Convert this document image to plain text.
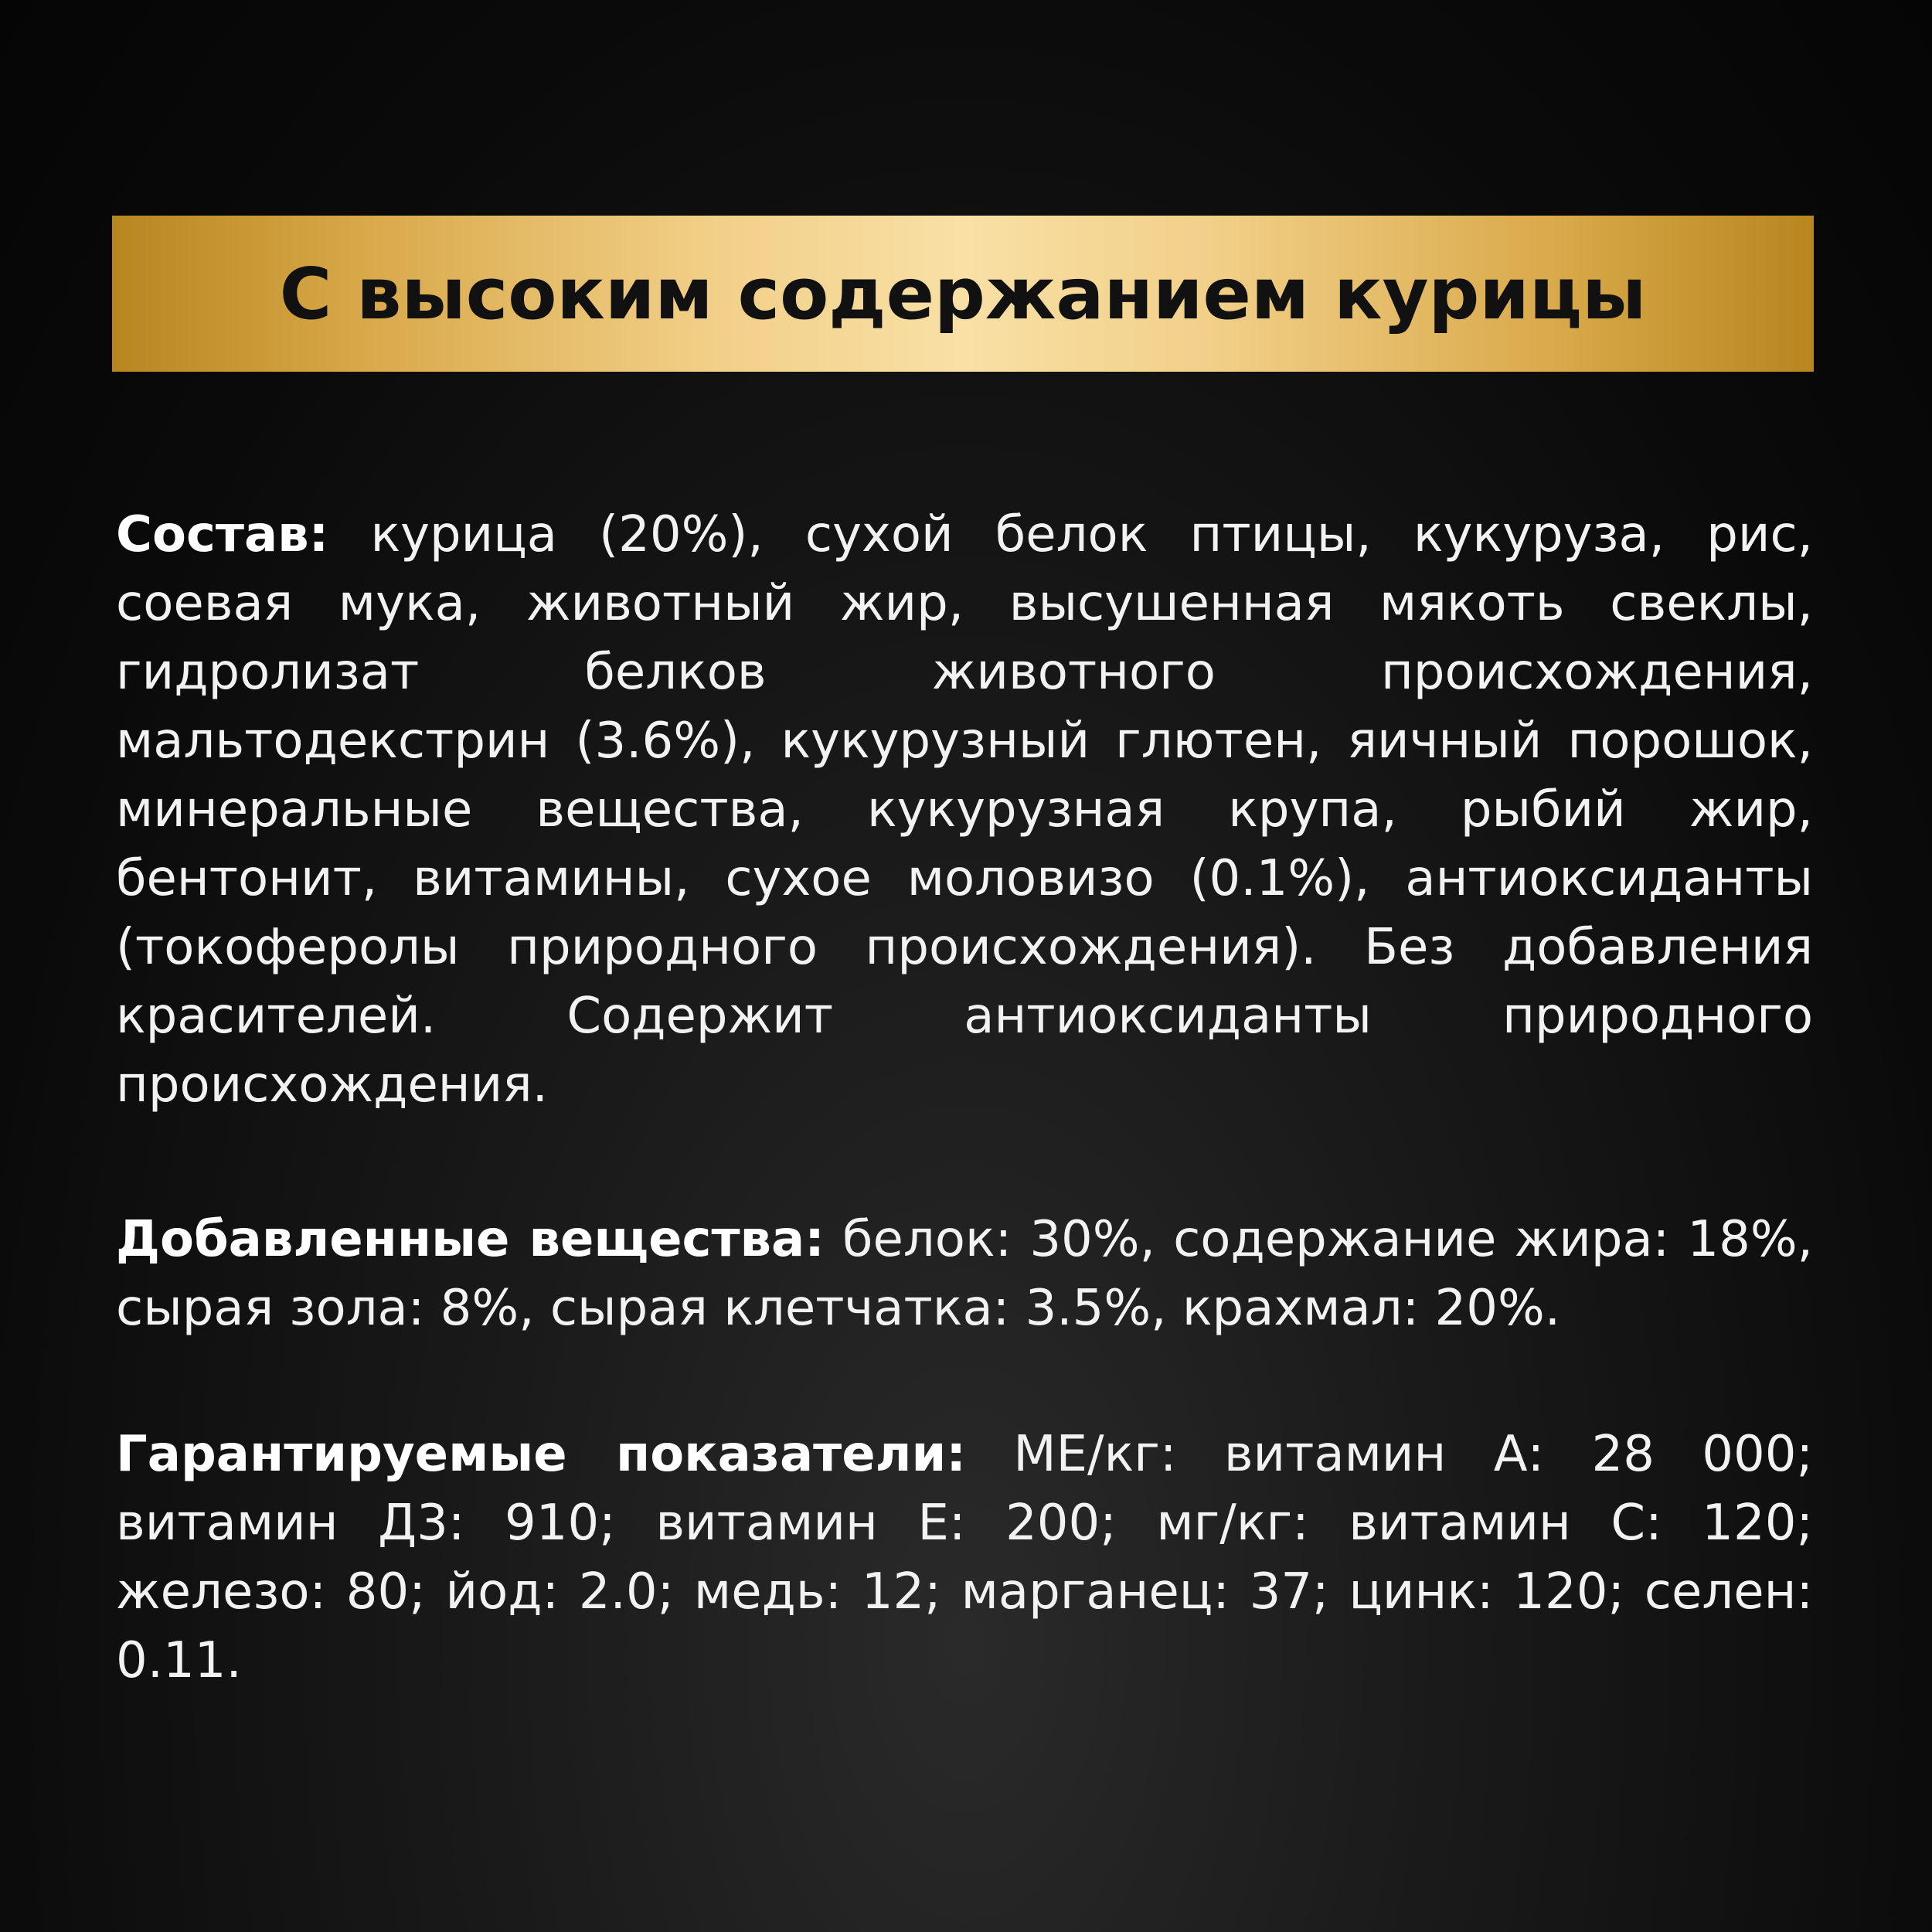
С высоким содержанием курицы
Состав: курица (20%), сухой белок птицы, кукуруза, рис, соевая мука, животный жир, высушенная мякоть свеклы, гидролизат белков животного происхождения, мальтодекстрин (3.6%), кукурузный глютен, яичный порошок, минеральные вещества, кукурузная крупа, рыбий жир, бентонит, витамины, сухое моловизо (0.1%), антиоксиданты (токоферолы природного происхождения). Без добавления красителей. Содержит антиоксиданты природного происхождения.
Добавленные вещества: белок: 30%, содержание жира: 18%, сырая зола: 8%, сырая клетчатка: 3.5%, крахмал: 20%.
Гарантируемые показатели: МЕ/кг: витамин А: 28 000; витамин Д3: 910; витамин Е: 200; мг/кг: витамин С: 120; железо: 80; йод: 2.0; медь: 12; марганец: 37; цинк: 120; селен: 0.11.
